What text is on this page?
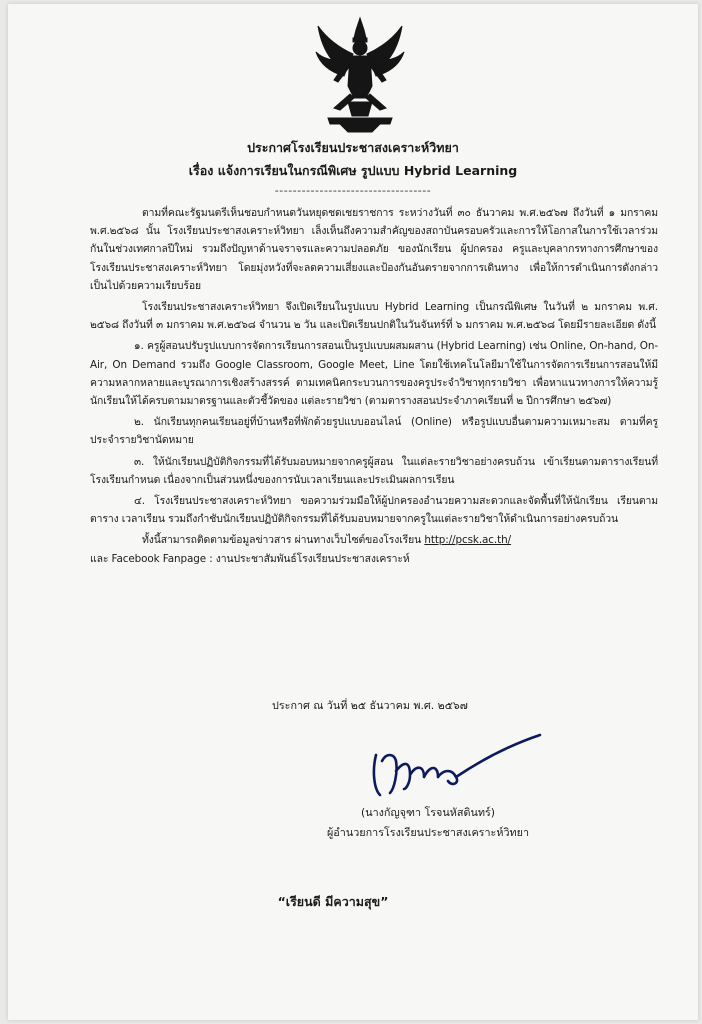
ประกาศโรงเรียนประชาสงเคราะห์วิทยา
เรื่อง แจ้งการเรียนในกรณีพิเศษ รูปแบบ Hybrid Learning
-----------------------------------

ตามที่คณะรัฐมนตรีเห็นชอบกำหนดวันหยุดชดเชยราชการ ระหว่างวันที่ ๓๐ ธันวาคม พ.ศ.๒๕๖๗ ถึงวันที่ ๑ มกราคม พ.ศ.๒๕๖๘ นั้น โรงเรียนประชาสงเคราะห์วิทยา เล็งเห็นถึงความสำคัญของสถาบันครอบครัวและการให้โอกาสในการใช้เวลาร่วมกันในช่วงเทศกาลปีใหม่ รวมถึงปัญหาด้านจราจรและความปลอดภัย ของนักเรียน ผู้ปกครอง ครูและบุคลากรทางการศึกษาของโรงเรียนประชาสงเคราะห์วิทยา โดยมุ่งหวังที่จะลดความเสี่ยงและป้องกันอันตรายจากการเดินทาง เพื่อให้การดำเนินการดังกล่าวเป็นไปด้วยความเรียบร้อย

โรงเรียนประชาสงเคราะห์วิทยา จึงเปิดเรียนในรูปแบบ Hybrid Learning เป็นกรณีพิเศษ ในวันที่ ๒ มกราคม พ.ศ. ๒๕๖๘ ถึงวันที่ ๓ มกราคม พ.ศ.๒๕๖๘ จำนวน ๒ วัน และเปิดเรียนปกติในวันจันทร์ที่ ๖ มกราคม พ.ศ.๒๕๖๘ โดยมีรายละเอียด ดังนี้

๑. ครูผู้สอนปรับรูปแบบการจัดการเรียนการสอนเป็นรูปแบบผสมผสาน (Hybrid Learning) เช่น Online, On-hand, On-Air, On Demand รวมถึง Google Classroom, Google Meet, Line โดยใช้เทคโนโลยีมาใช้ในการจัดการเรียนการสอนให้มีความหลากหลายและบูรณาการเชิงสร้างสรรค์ ตามเทคนิคกระบวนการของครูประจำวิชาทุกรายวิชา เพื่อหาแนวทางการให้ความรู้นักเรียนให้ได้ครบตามมาตรฐานและตัวชี้วัดของ แต่ละรายวิชา (ตามตารางสอนประจำภาคเรียนที่ ๒ ปีการศึกษา ๒๕๖๗)

๒. นักเรียนทุกคนเรียนอยู่ที่บ้านหรือที่พักด้วยรูปแบบออนไลน์ (Online) หรือรูปแบบอื่นตามความเหมาะสม ตามที่ครูประจำรายวิชานัดหมาย

๓. ให้นักเรียนปฏิบัติกิจกรรมที่ได้รับมอบหมายจากครูผู้สอน ในแต่ละรายวิชาอย่างครบถ้วน เข้าเรียนตามตารางเรียนที่โรงเรียนกำหนด เนื่องจากเป็นส่วนหนึ่งของการนับเวลาเรียนและประเมินผลการเรียน

๔. โรงเรียนประชาสงเคราะห์วิทยา ขอความร่วมมือให้ผู้ปกครองอำนวยความสะดวกและจัดพื้นที่ให้นักเรียน เรียนตามตาราง เวลาเรียน รวมถึงกำชับนักเรียนปฏิบัติกิจกรรมที่ได้รับมอบหมายจากครูในแต่ละรายวิชาให้ดำเนินการอย่างครบถ้วน

ทั้งนี้สามารถติดตามข้อมูลข่าวสาร ผ่านทางเว็บไซต์ของโรงเรียน http://pcsk.ac.th/

และ Facebook Fanpage : งานประชาสัมพันธ์โรงเรียนประชาสงเคราะห์

ประกาศ ณ วันที่ ๒๕ ธันวาคม พ.ศ. ๒๕๖๗
(นางกัญจุฑา โรจนหัสดินทร์)
ผู้อำนวยการโรงเรียนประชาสงเคราะห์วิทยา
“เรียนดี มีความสุข”
